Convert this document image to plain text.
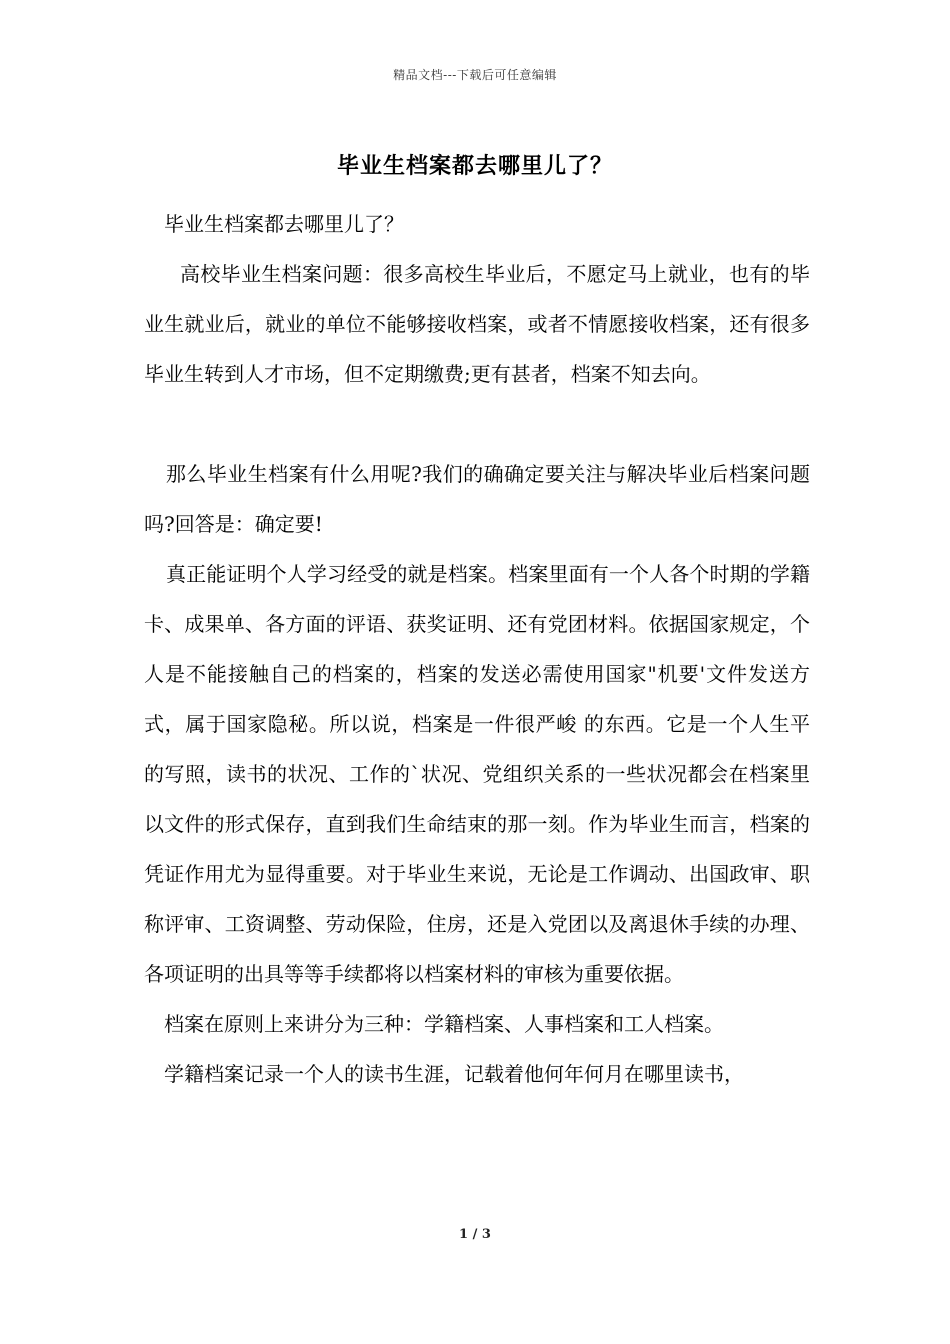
精品文档---下载后可任意编辑
毕业生档案都去哪里儿了？

毕业生档案都去哪里儿了？

高校毕业生档案问题：很多高校生毕业后，不愿定马上就业，也有的毕业生就业后，就业的单位不能够接收档案，或者不情愿接收档案，还有很多毕业生转到人才市场，但不定期缴费;更有甚者，档案不知去向。

那么毕业生档案有什么用呢?我们的确确定要关注与解决毕业后档案问题吗?回答是：确定要!

真正能证明个人学习经受的就是档案。档案里面有一个人各个时期的学籍卡、成果单、各方面的评语、获奖证明、还有党团材料。依据国家规定，个人是不能接触自己的档案的，档案的发送必需使用国家"机要'文件发送方式，属于国家隐秘。所以说，档案是一件很严峻 的东西。它是一个人生平的写照，读书的状况、工作的`状况、党组织关系的一些状况都会在档案里以文件的形式保存，直到我们生命结束的那一刻。作为毕业生而言，档案的凭证作用尤为显得重要。对于毕业生来说，无论是工作调动、出国政审、职称评审、工资调整、劳动保险，住房，还是入党团以及离退休手续的办理、各项证明的出具等等手续都将以档案材料的审核为重要依据。

档案在原则上来讲分为三种：学籍档案、人事档案和工人档案。

学籍档案记录一个人的读书生涯，记载着他何年何月在哪里读书，

1 / 3
